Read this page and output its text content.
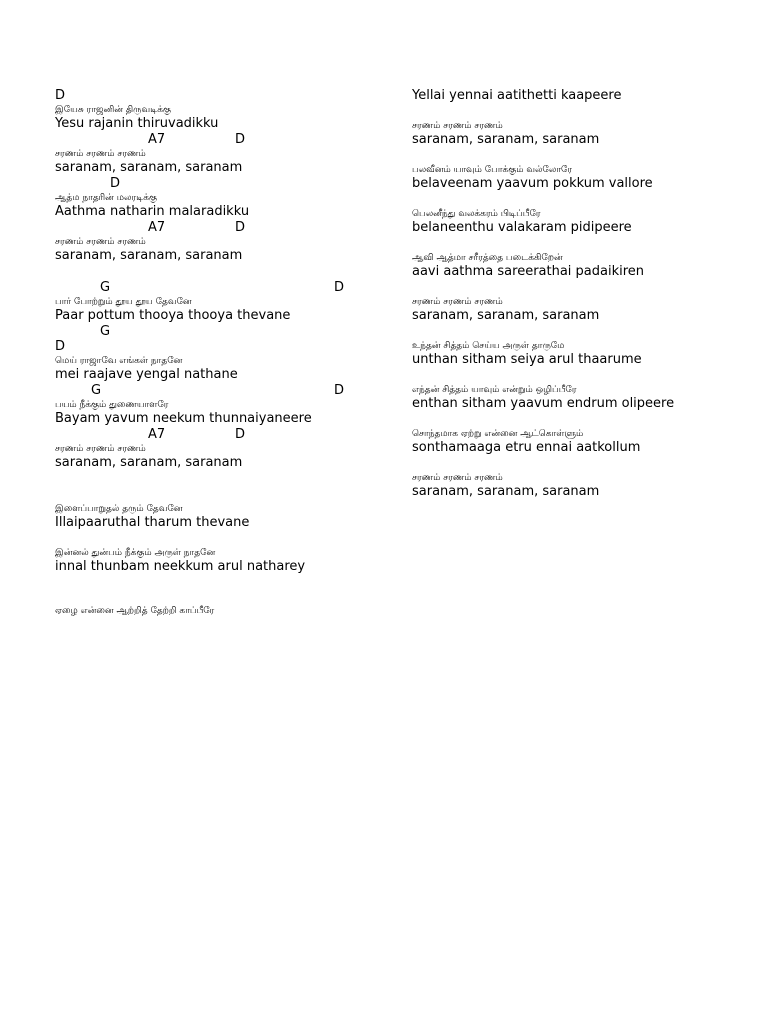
D
இயேசு ராஜனின் திருவடிக்கு
Yesu rajanin thiruvadikku
A7	D
சரணம் சரணம் சரணம்
saranam, saranam, saranam
D
ஆத்ம நாதரின் மலரடிக்கு
Aathma natharin malaradikku
A7	D
சரணம் சரணம் சரணம்
saranam, saranam, saranam
G	D
பார் போற்றும் தூய தூய தேவனே
Paar pottum thooya thooya thevane
G
D
மெய் ராஜாவே எங்கள் நாதனே
mei raajave yengal nathane
G	D
பயம் நீக்கும் துணையாளரே
Bayam yavum neekum thunnaiyaneere
A7	D
சரணம் சரணம் சரணம்
saranam, saranam, saranam
இளைப்பாறுதல் தரும் தேவனே
Illaipaaruthal tharum thevane
இன்னல் துன்பம் நீக்கும் அருள் நாதனே
innal thunbam neekkum arul natharey
ஏழை என்னை ஆற்றித் தேற்றி காப்பீரே
Yellai yennai aatithetti kaapeere
சரணம் சரணம் சரணம்
saranam, saranam, saranam
பலவீனம் யாவும் போக்கும் வல்லோரே
belaveenam yaavum pokkum vallore
பெலனீந்து வலக்கரம் பிடிப்பீரே
belaneenthu valakaram pidipeere
ஆவி ஆத்மா சரீரத்தை படைக்கிறேன்
aavi aathma sareerathai padaikiren
சரணம் சரணம் சரணம்
saranam, saranam, saranam
உந்தன் சித்தம் செய்ய அருள் தாருமே
unthan sitham seiya arul thaarume
எந்தன் சித்தம் யாவும் என்றும் ஒழிப்பீரே
enthan sitham yaavum endrum olipeere
சொந்தமாக ஏற்று என்னை ஆட்கொள்ளும்
sonthamaaga etru ennai aatkollum
சரணம் சரணம் சரணம்
saranam, saranam, saranam
